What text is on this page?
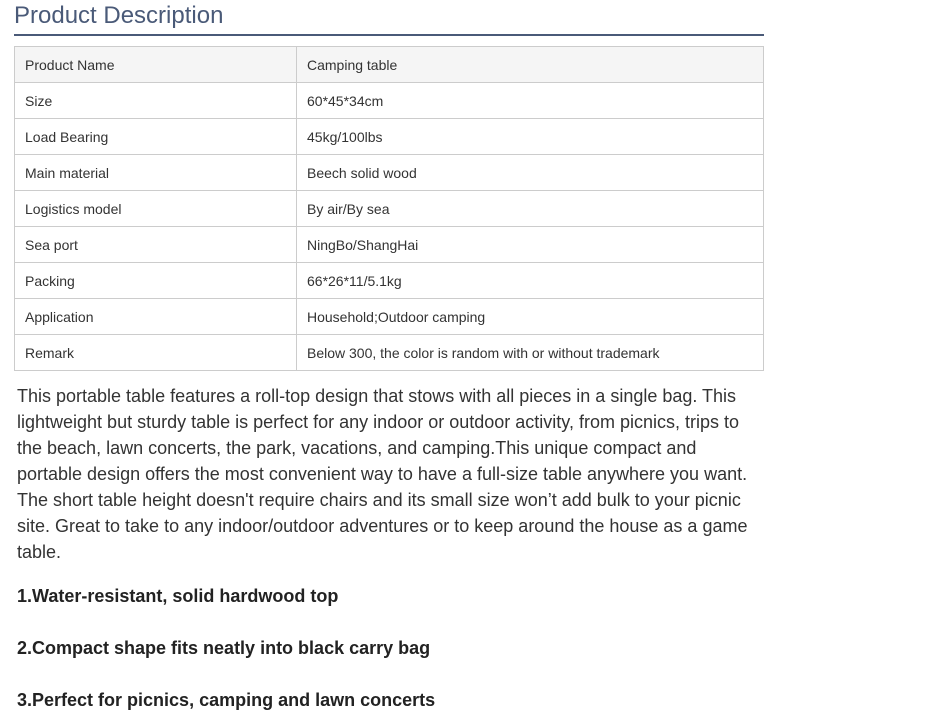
Product Description
Product Name	Camping table
Size	60*45*34cm
Load Bearing	45kg/100lbs
Main material	Beech solid wood
Logistics model	By air/By sea
Sea port	NingBo/ShangHai
Packing	66*26*11/5.1kg
Application	Household;Outdoor camping
Remark	Below 300, the color is random with or without trademark

This portable table features a roll-top design that stows with all pieces in a single bag. This lightweight but sturdy table is perfect for any indoor or outdoor activity, from picnics, trips to the beach, lawn concerts, the park, vacations, and camping.This unique compact and portable design offers the most convenient way to have a full-size table anywhere you want. The short table height doesn't require chairs and its small size won’t add bulk to your picnic site. Great to take to any indoor/outdoor adventures or to keep around the house as a game table.

1.Water-resistant, solid hardwood top

2.Compact shape fits neatly into black carry bag

3.Perfect for picnics, camping and lawn concerts
